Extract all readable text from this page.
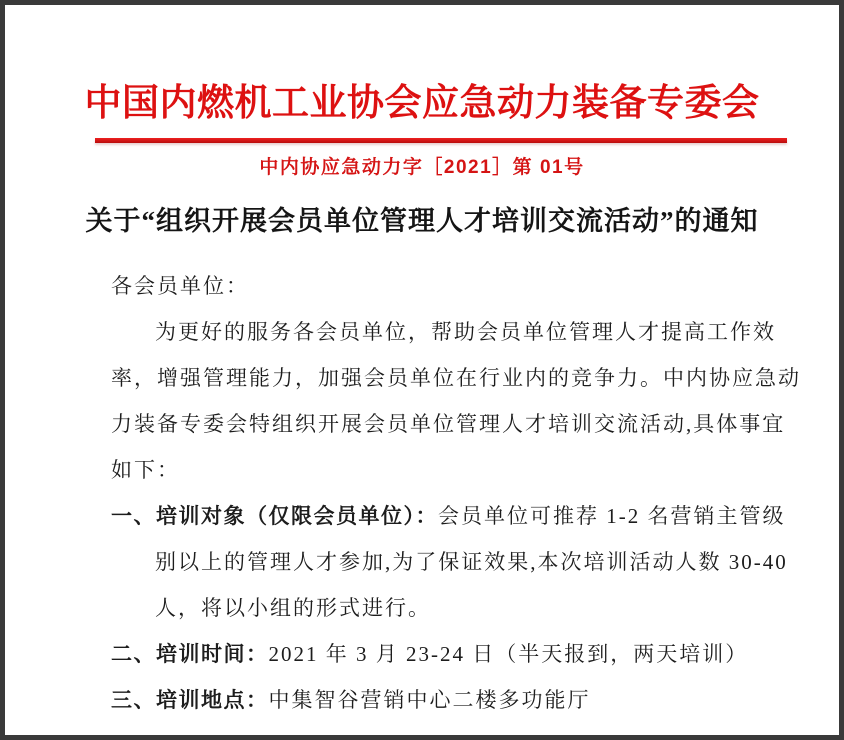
中国内燃机工业协会应急动力装备专委会
中内协应急动力字［2021］第 01号
关于“组织开展会员单位管理人才培训交流活动”的通知
各会员单位：
为更好的服务各会员单位，帮助会员单位管理人才提高工作效
率，增强管理能力，加强会员单位在行业内的竞争力。中内协应急动
力装备专委会特组织开展会员单位管理人才培训交流活动,具体事宜
如下：
一、培训对象（仅限会员单位）：会员单位可推荐 1-2 名营销主管级
别以上的管理人才参加,为了保证效果,本次培训活动人数 30-40
人，将以小组的形式进行。
二、培训时间：2021 年 3 月 23-24 日（半天报到，两天培训）
三、培训地点：中集智谷营销中心二楼多功能厅
